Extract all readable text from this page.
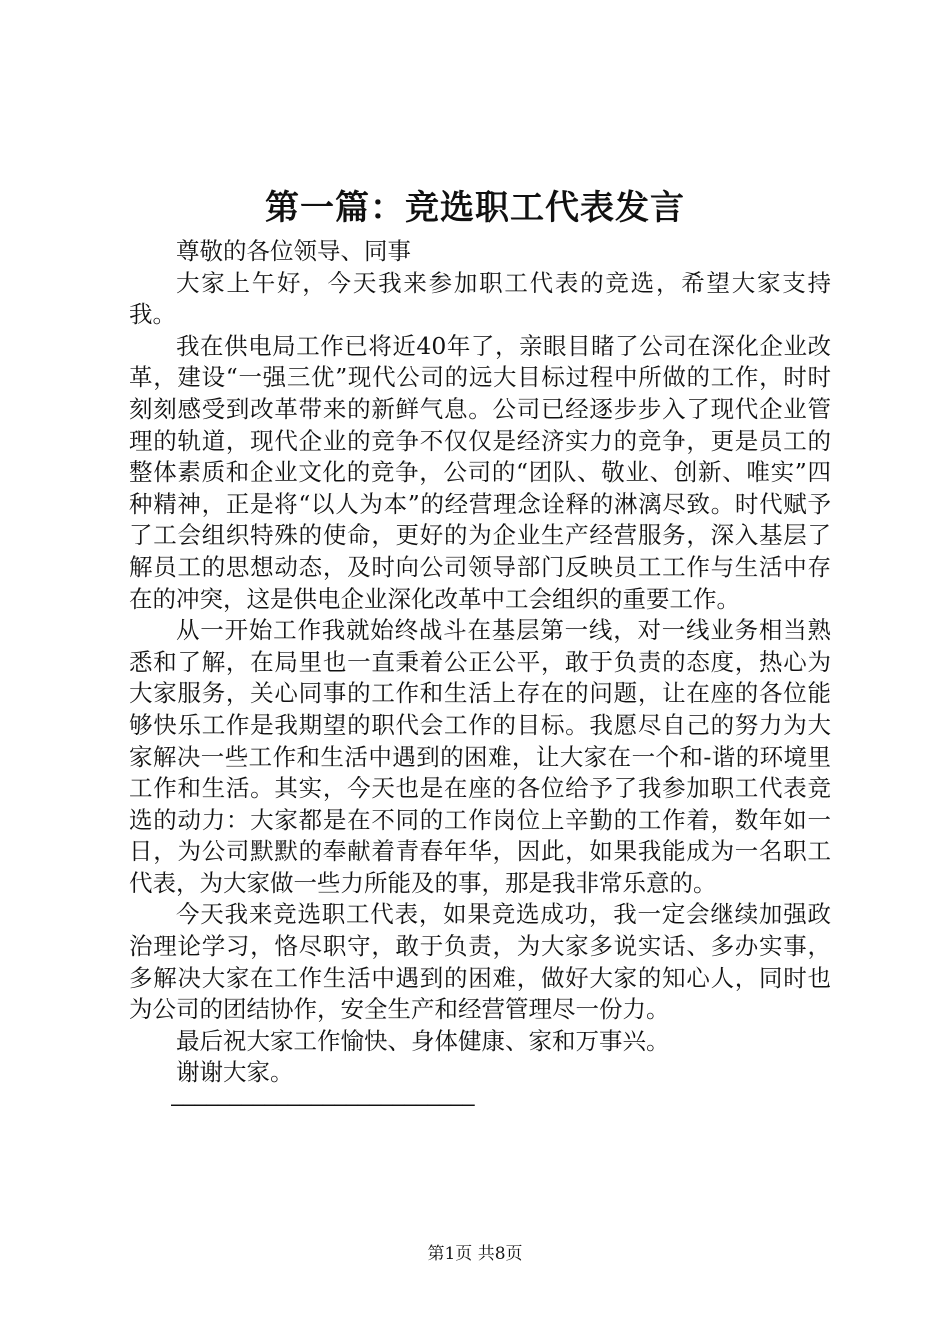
第一篇：竞选职工代表发言

尊敬的各位领导、同事

大家上午好，今天我来参加职工代表的竞选，希望大家支持我。

我在供电局工作已将近40年了，亲眼目睹了公司在深化企业改革，建设“一强三优”现代公司的远大目标过程中所做的工作，时时刻刻感受到改革带来的新鲜气息。公司已经逐步步入了现代企业管理的轨道，现代企业的竞争不仅仅是经济实力的竞争，更是员工的整体素质和企业文化的竞争，公司的“团队、敬业、创新、唯实”四种精神，正是将“以人为本”的经营理念诠释的淋漓尽致。时代赋予了工会组织特殊的使命，更好的为企业生产经营服务，深入基层了解员工的思想动态，及时向公司领导部门反映员工工作与生活中存在的冲突，这是供电企业深化改革中工会组织的重要工作。

从一开始工作我就始终战斗在基层第一线，对一线业务相当熟悉和了解，在局里也一直秉着公正公平，敢于负责的态度，热心为大家服务，关心同事的工作和生活上存在的问题，让在座的各位能够快乐工作是我期望的职代会工作的目标。我愿尽自己的努力为大家解决一些工作和生活中遇到的困难，让大家在一个和-谐的环境里工作和生活。其实，今天也是在座的各位给予了我参加职工代表竞选的动力：大家都是在不同的工作岗位上辛勤的工作着，数年如一日，为公司默默的奉献着青春年华，因此，如果我能成为一名职工代表，为大家做一些力所能及的事，那是我非常乐意的。

今天我来竞选职工代表，如果竞选成功，我一定会继续加强政治理论学习，恪尽职守，敢于负责，为大家多说实话、多办实事，多解决大家在工作生活中遇到的困难，做好大家的知心人，同时也为公司的团结协作，安全生产和经营管理尽一份力。

最后祝大家工作愉快、身体健康、家和万事兴。

谢谢大家。

——————————————————————————

第1页 共8页
